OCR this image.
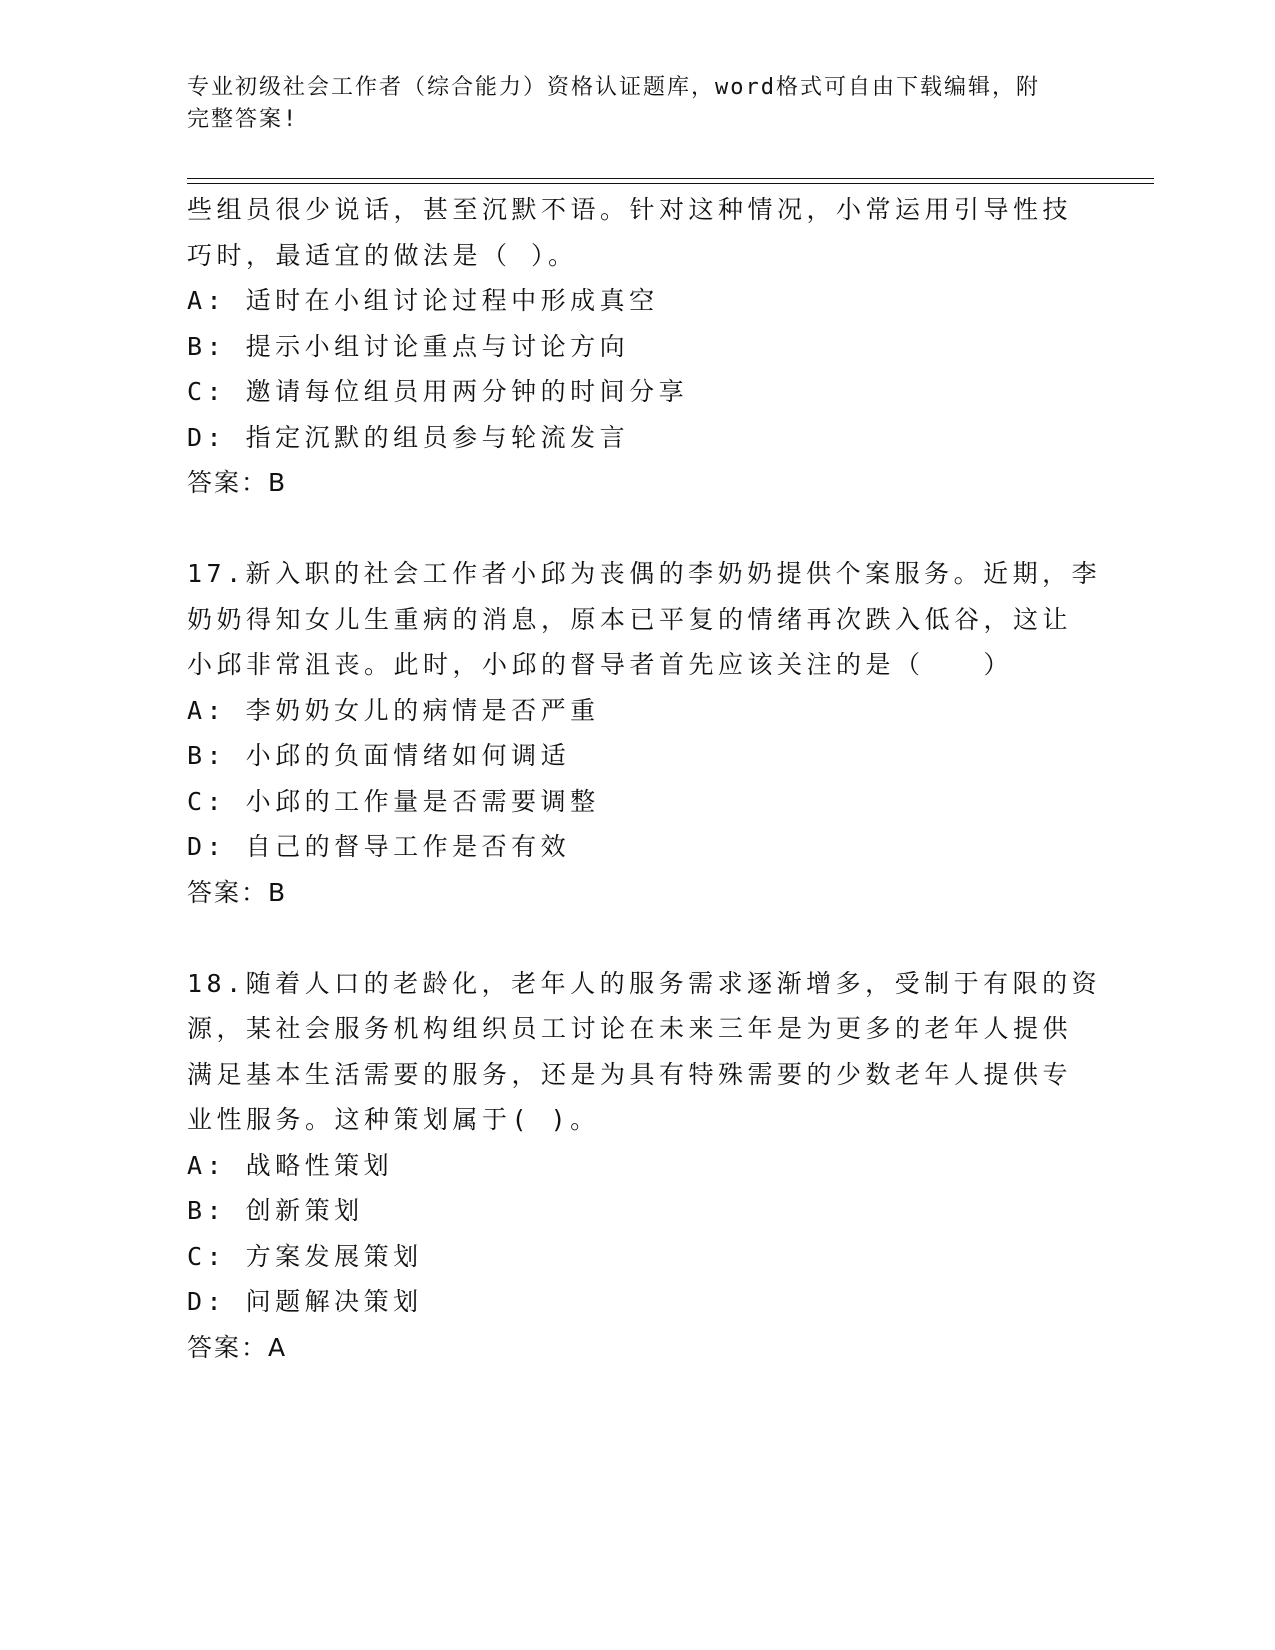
专业初级社会工作者（综合能力）资格认证题库，word格式可自由下载编辑，附
完整答案!
些组员很少说话，甚至沉默不语。针对这种情况，小常运用引导性技
巧时，最适宜的做法是（ ）。
A: 适时在小组讨论过程中形成真空
B: 提示小组讨论重点与讨论方向
C: 邀请每位组员用两分钟的时间分享
D: 指定沉默的组员参与轮流发言
答案：B
17.新入职的社会工作者小邱为丧偶的李奶奶提供个案服务。近期，李
奶奶得知女儿生重病的消息，原本已平复的情绪再次跌入低谷，这让
小邱非常沮丧。此时，小邱的督导者首先应该关注的是（　　）
A: 李奶奶女儿的病情是否严重
B: 小邱的负面情绪如何调适
C: 小邱的工作量是否需要调整
D: 自己的督导工作是否有效
答案：B
18.随着人口的老龄化，老年人的服务需求逐渐增多，受制于有限的资
源，某社会服务机构组织员工讨论在未来三年是为更多的老年人提供
满足基本生活需要的服务，还是为具有特殊需要的少数老年人提供专
业性服务。这种策划属于( )。
A: 战略性策划
B: 创新策划
C: 方案发展策划
D: 问题解决策划
答案：A
